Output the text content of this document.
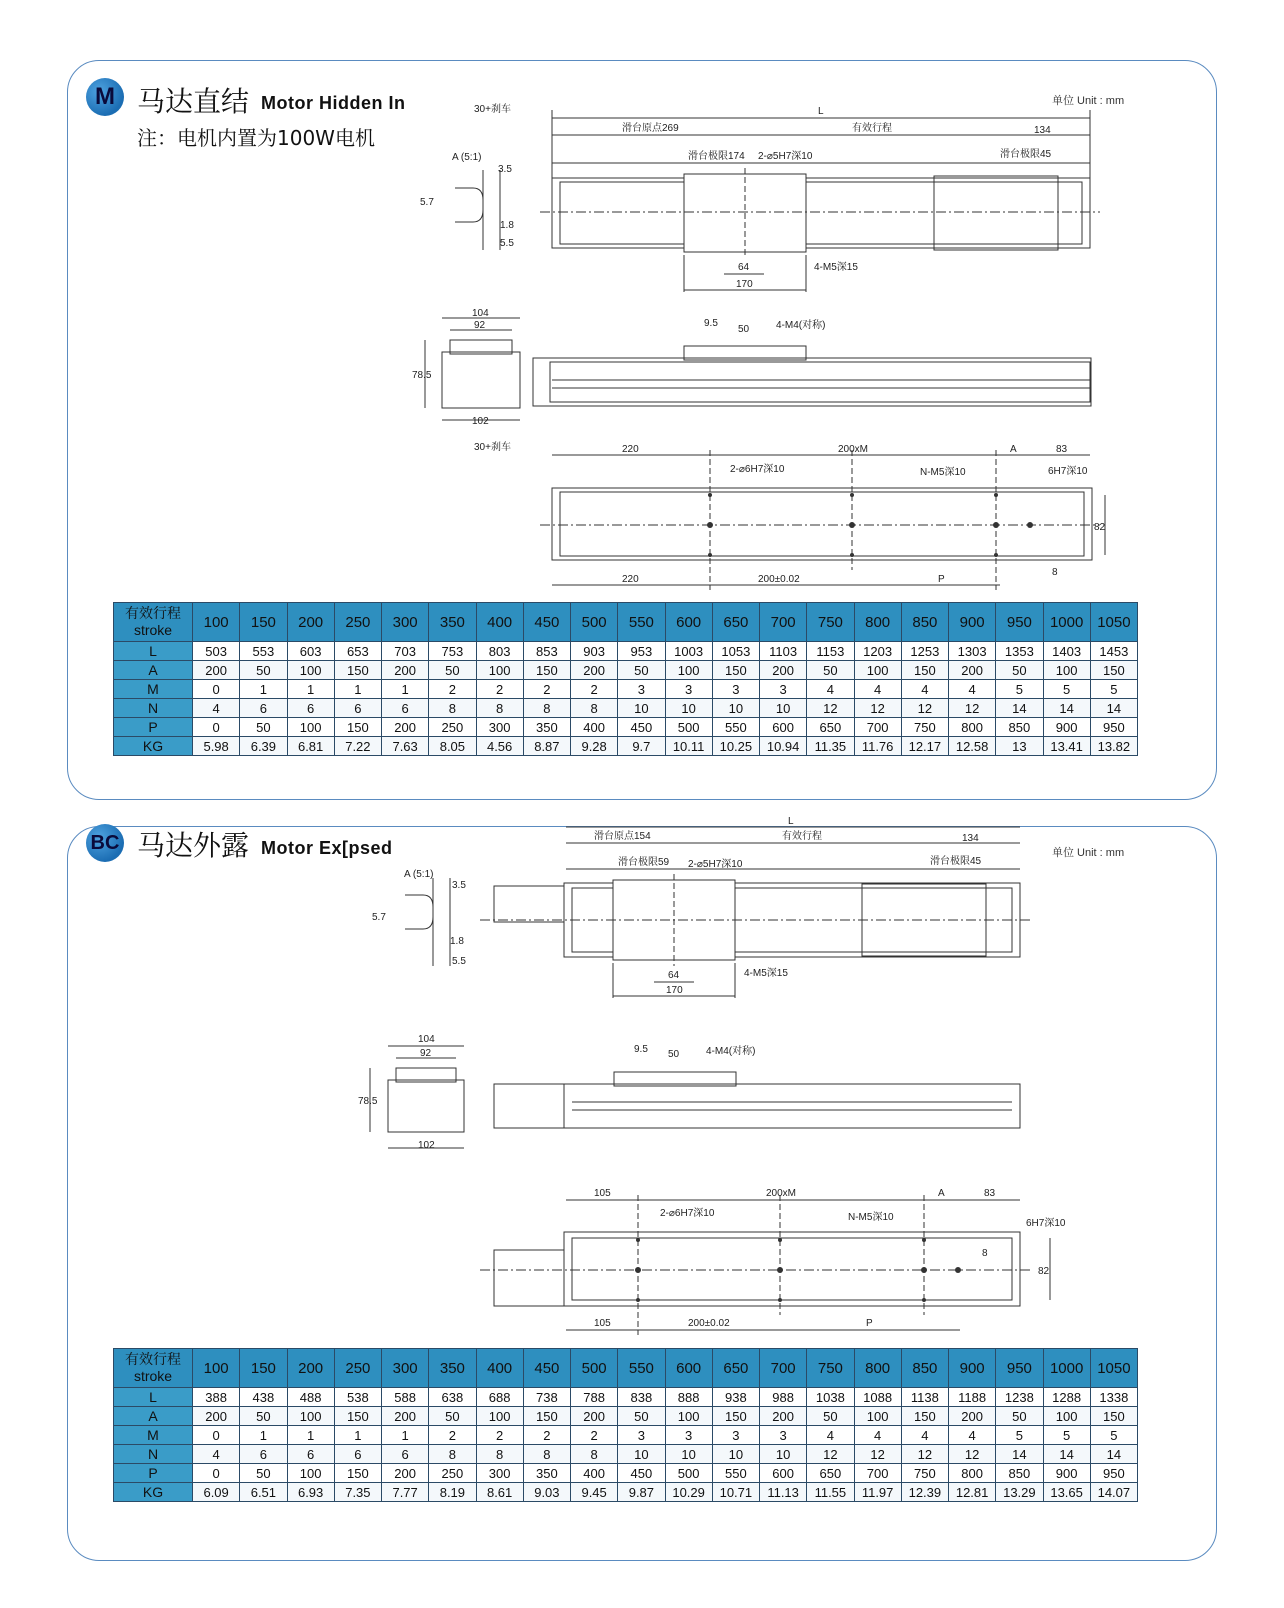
M 马达直结 Motor Hidden In
注：电机内置为100W电机
单位 Unit : mm
L
30+刹车
滑台原点269	有效行程	134
滑台极限174	滑台极限45
2-⌀5H7深10
4-M5深15
64
170
A (5:1)
3.5
5.7
1.8
5.5
104
92
78.5
102
9.5
50	4-M4(对称)
30+刹车	220	200xM	A	83
2-⌀6H7深10	N-M5深10	6H7深10
82
220	200±0.02	P
8
有效行程
stroke	100	150	200	250	300	350	400	450	500	550	600	650	700	750	800	850	900	950	1000	1050
L	503	553	603	653	703	753	803	853	903	953	1003	1053	1103	1153	1203	1253	1303	1353	1403	1453
A	200	50	100	150	200	50	100	150	200	50	100	150	200	50	100	150	200	50	100	150
M	0	1	1	1	1	2	2	2	2	3	3	3	3	4	4	4	4	5	5	5
N	4	6	6	6	6	8	8	8	8	10	10	10	10	12	12	12	12	14	14	14
P	0	50	100	150	200	250	300	350	400	450	500	550	600	650	700	750	800	850	900	950
KG	5.98	6.39	6.81	7.22	7.63	8.05	4.56	8.87	9.28	9.7	10.11	10.25	10.94	11.35	11.76	12.17	12.58	13	13.41	13.82
BC 马达外露 Motor Ex[psed	单位 Unit : mm
L
滑台原点154	有效行程	134
滑台极限59	滑台极限45
2-⌀5H7深10
4-M5深15
64
170
A (5:1)
3.5
5.7
1.8
5.5
104
92
78.5
102
9.5 50	4-M4(对称)
105	200xM	A	83
2-⌀6H7深10	N-M5深10
6H7深10
82
105	200±0.02	P
8
有效行程
stroke	100	150	200	250	300	350	400	450	500	550	600	650	700	750	800	850	900	950	1000	1050
L	388	438	488	538	588	638	688	738	788	838	888	938	988	1038	1088	1138	1188	1238	1288	1338
A	200	50	100	150	200	50	100	150	200	50	100	150	200	50	100	150	200	50	100	150
M	0	1	1	1	1	2	2	2	2	3	3	3	3	4	4	4	4	5	5	5
N	4	6	6	6	6	8	8	8	8	10	10	10	10	12	12	12	12	14	14	14
P	0	50	100	150	200	250	300	350	400	450	500	550	600	650	700	750	800	850	900	950
KG	6.09	6.51	6.93	7.35	7.77	8.19	8.61	9.03	9.45	9.87	10.29	10.71	11.13	11.55	11.97	12.39	12.81	13.29	13.65	14.07
